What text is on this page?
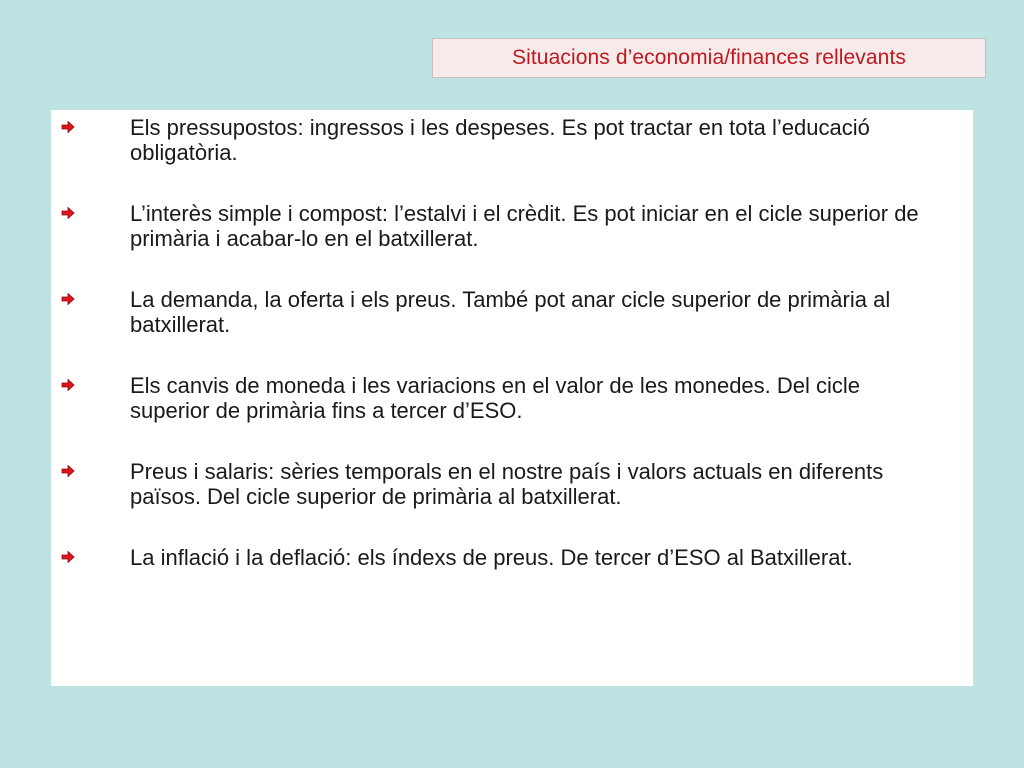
Situacions d’economia/finances rellevants

Els pressupostos: ingressos i les despeses. Es pot tractar en tota l’educació obligatòria.

L’interès simple i compost: l’estalvi i el crèdit. Es pot iniciar en el cicle superior de primària i acabar-lo en el batxillerat.

La demanda, la oferta i els preus. També pot anar cicle superior de primària al batxillerat.

Els canvis de moneda i les variacions en el valor de les monedes. Del cicle superior de primària fins a tercer d’ESO.

Preus i salaris: sèries temporals en el nostre país i valors actuals en diferents països. Del cicle superior de primària al batxillerat.

La inflació i la deflació: els índexs de preus. De tercer d’ESO al Batxillerat.
